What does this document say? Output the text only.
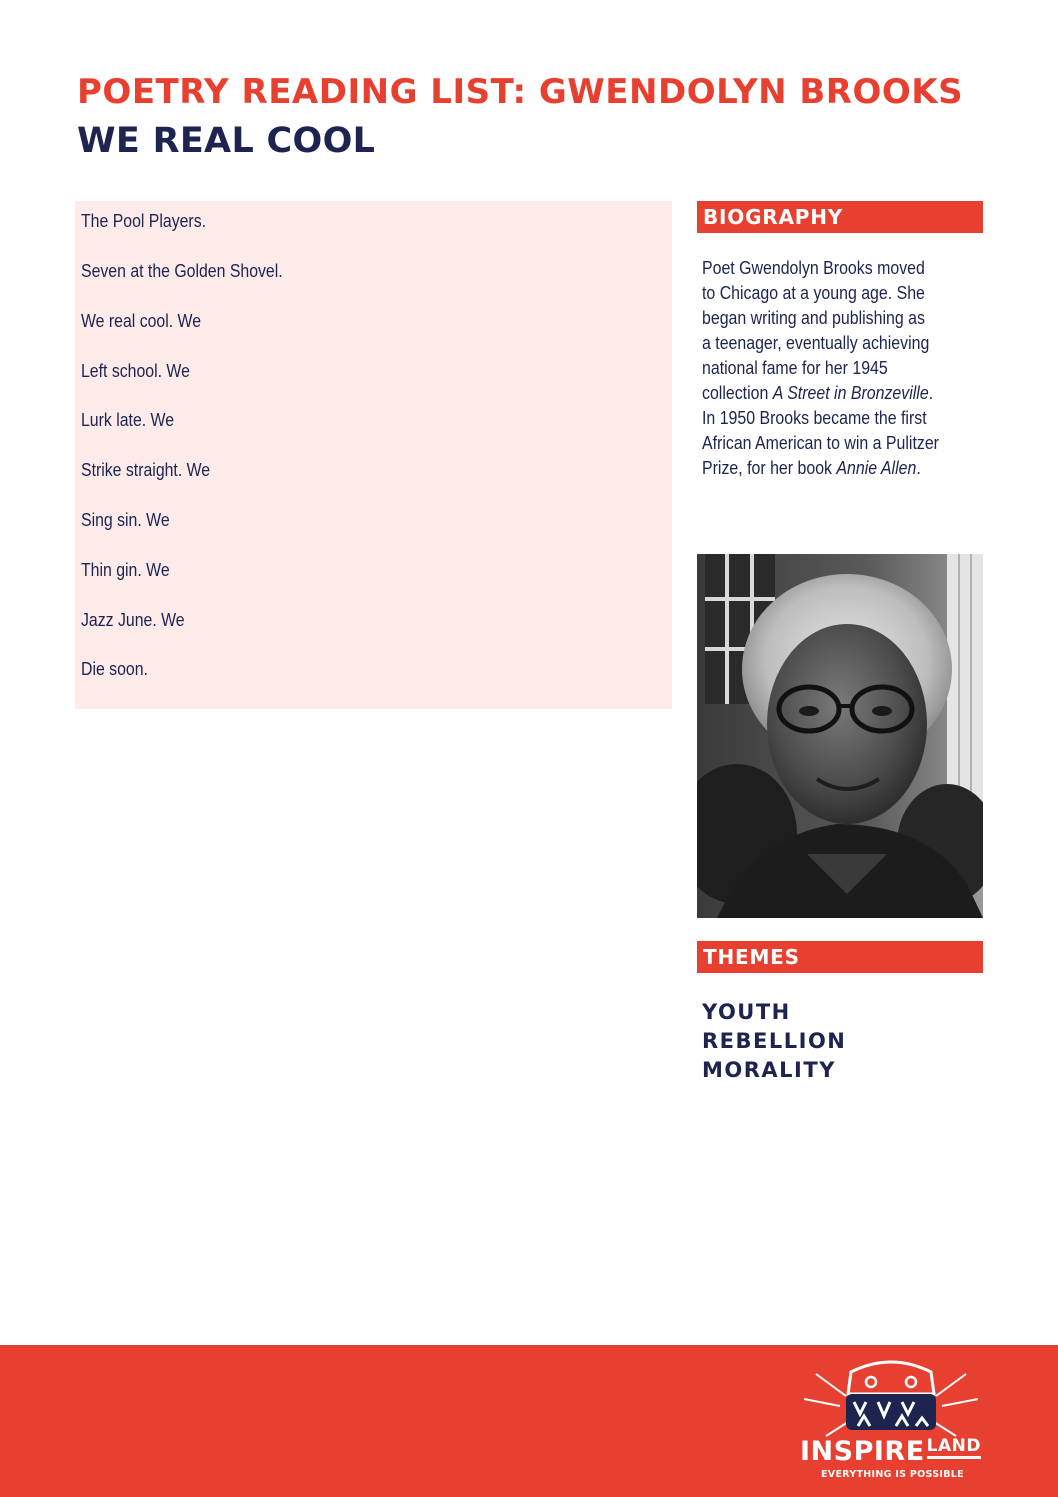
POETRY READING LIST: GWENDOLYN BROOKS
WE REAL COOL

The Pool Players.

Seven at the Golden Shovel.

We real cool. We

Left school. We

Lurk late. We

Strike straight. We

Sing sin. We

Thin gin. We

Jazz June. We

Die soon.

BIOGRAPHY
Poet Gwendolyn Brooks moved
to Chicago at a young age. She
began writing and publishing as
a teenager, eventually achieving
national fame for her 1945
collection A Street in Bronzeville.
In 1950 Brooks became the first
African American to win a Pulitzer
Prize, for her book Annie Allen.
THEMES
YOUTH
REBELLION
MORALITY
INSPIRE $^{LAND}$
EVERYTHING IS POSSIBLE
